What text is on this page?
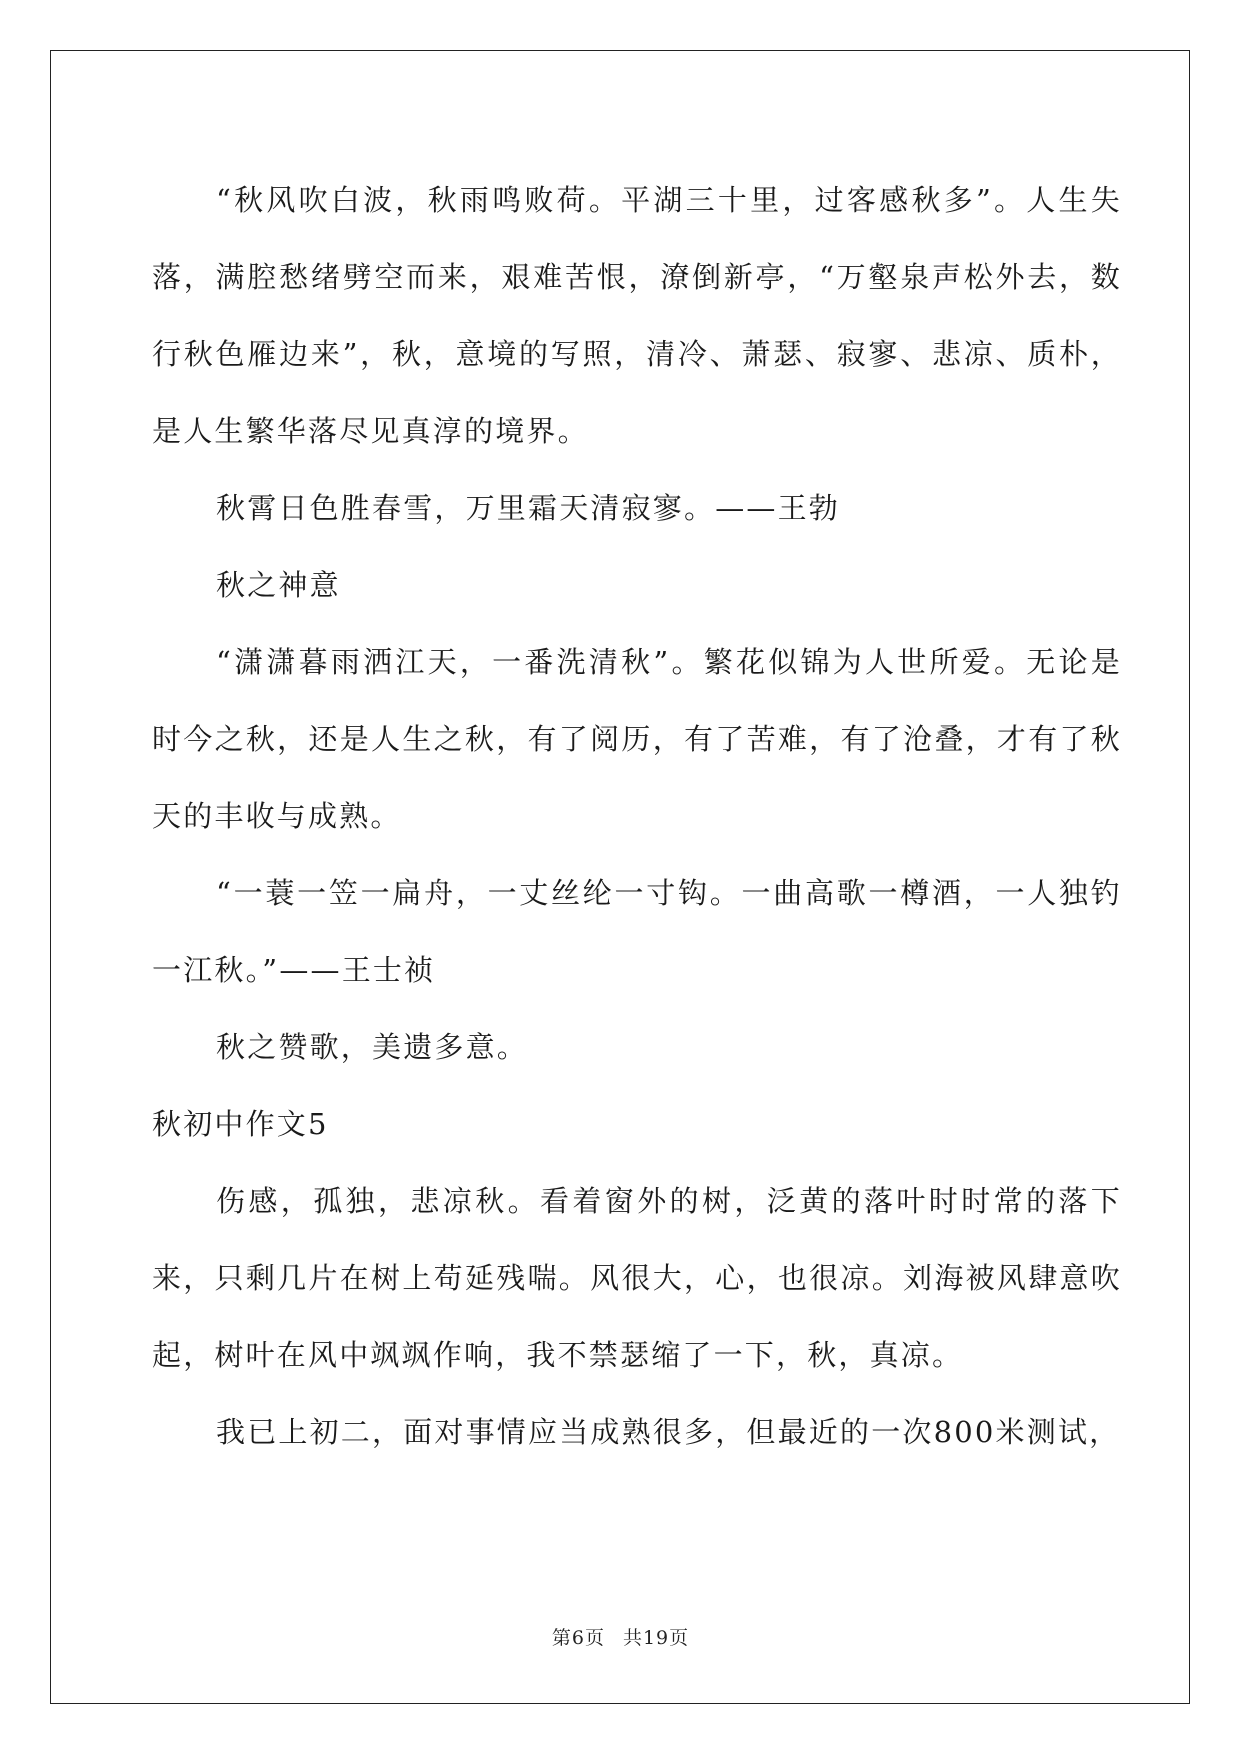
“秋风吹白波，秋雨鸣败荷。平湖三十里，过客感秋多”。人生失落，满腔愁绪劈空而来，艰难苦恨，潦倒新亭，“万壑泉声松外去，数行秋色雁边来”，秋，意境的写照，清冷、萧瑟、寂寥、悲凉、质朴，是人生繁华落尽见真淳的境界。

秋霄日色胜春雪，万里霜天清寂寥。——王勃

秋之神意

“潇潇暮雨洒江天，一番洗清秋”。繁花似锦为人世所爱。无论是时今之秋，还是人生之秋，有了阅历，有了苦难，有了沧叠，才有了秋天的丰收与成熟。

“一蓑一笠一扁舟，一丈丝纶一寸钩。一曲高歌一樽酒，一人独钓一江秋。”——王士祯

秋之赞歌，美遗多意。

秋初中作文5

伤感，孤独，悲凉秋。看着窗外的树，泛黄的落叶时时常的落下来，只剩几片在树上苟延残喘。风很大，心，也很凉。刘海被风肆意吹起，树叶在风中飒飒作响，我不禁瑟缩了一下，秋，真凉。

我已上初二，面对事情应当成熟很多，但最近的一次800米测试，

第6页 共19页
